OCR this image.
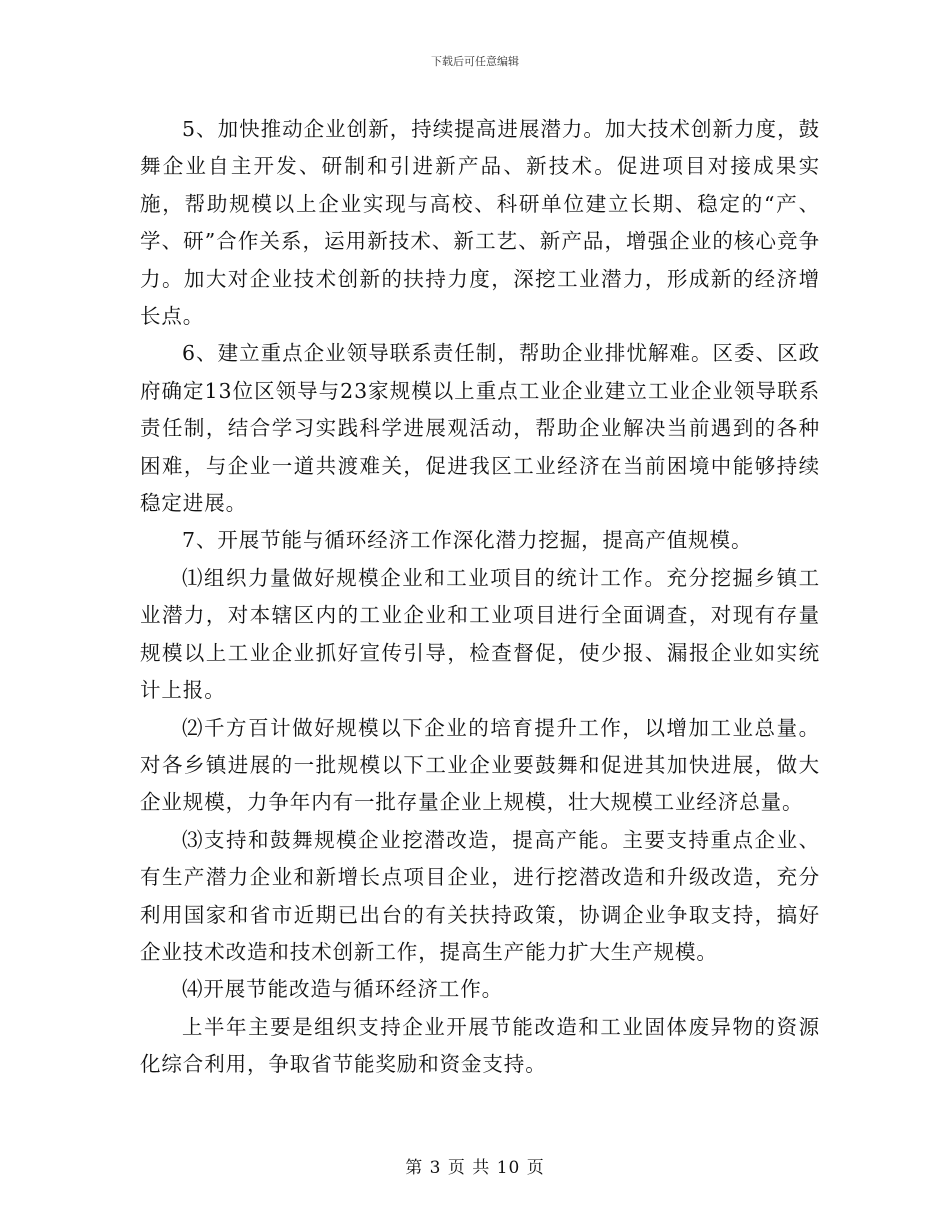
下载后可任意编辑

5、加快推动企业创新，持续提高进展潜力。加大技术创新力度，鼓舞企业自主开发、研制和引进新产品、新技术。促进项目对接成果实施，帮助规模以上企业实现与高校、科研单位建立长期、稳定的“产、学、研”合作关系，运用新技术、新工艺、新产品，增强企业的核心竞争力。加大对企业技术创新的扶持力度，深挖工业潜力，形成新的经济增长点。

6、建立重点企业领导联系责任制，帮助企业排忧解难。区委、区政府确定13位区领导与23家规模以上重点工业企业建立工业企业领导联系责任制，结合学习实践科学进展观活动，帮助企业解决当前遇到的各种困难，与企业一道共渡难关，促进我区工业经济在当前困境中能够持续稳定进展。

7、开展节能与循环经济工作深化潜力挖掘，提高产值规模。

⑴组织力量做好规模企业和工业项目的统计工作。充分挖掘乡镇工业潜力，对本辖区内的工业企业和工业项目进行全面调查，对现有存量规模以上工业企业抓好宣传引导，检查督促，使少报、漏报企业如实统计上报。

⑵千方百计做好规模以下企业的培育提升工作，以增加工业总量。对各乡镇进展的一批规模以下工业企业要鼓舞和促进其加快进展，做大企业规模，力争年内有一批存量企业上规模，壮大规模工业经济总量。

⑶支持和鼓舞规模企业挖潜改造，提高产能。主要支持重点企业、有生产潜力企业和新增长点项目企业，进行挖潜改造和升级改造，充分利用国家和省市近期已出台的有关扶持政策，协调企业争取支持，搞好企业技术改造和技术创新工作，提高生产能力扩大生产规模。

⑷开展节能改造与循环经济工作。

上半年主要是组织支持企业开展节能改造和工业固体废异物的资源化综合利用，争取省节能奖励和资金支持。

第 3 页 共 10 页
